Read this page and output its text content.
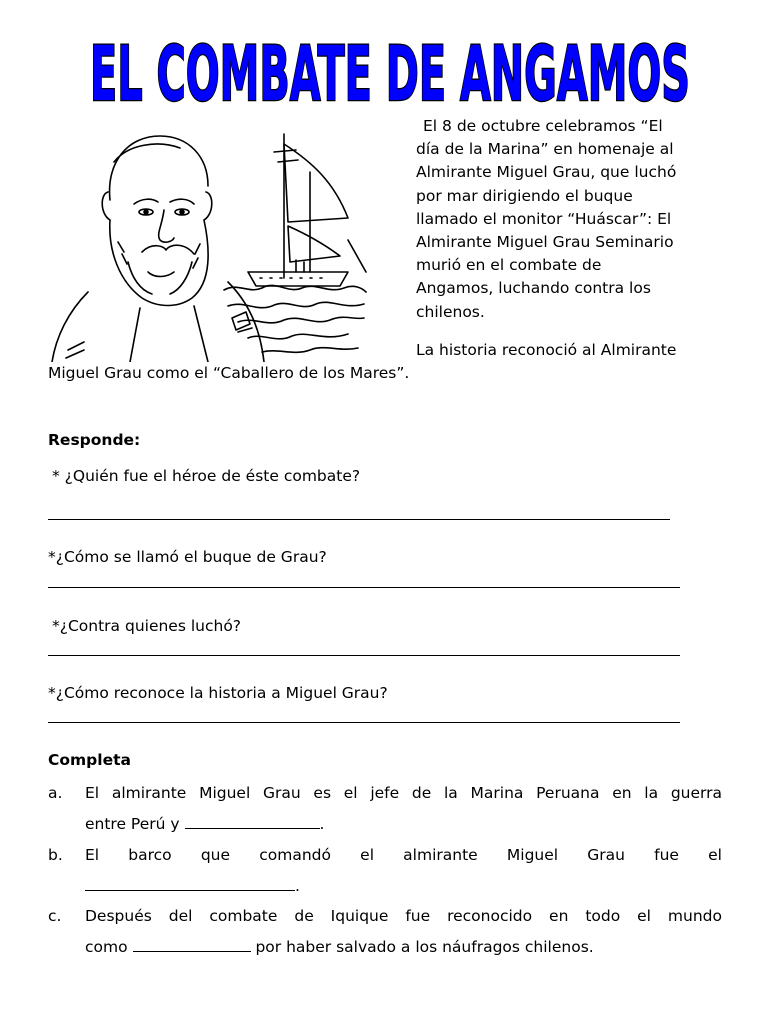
EL COMBATE DE ANGAMOS
El 8 de octubre celebramos “El
día de la Marina” en homenaje al
Almirante Miguel Grau, que luchó
por mar dirigiendo el buque
llamado el monitor “Huáscar”: El
Almirante Miguel Grau Seminario
murió en el combate de
Angamos, luchando contra los
chilenos.
La historia reconoció al Almirante
Miguel Grau como el “Caballero de los Mares”.
Responde:
* ¿Quién fue el héroe de éste combate?
*¿Cómo se llamó el buque de Grau?
*¿Contra quienes luchó?
*¿Cómo reconoce la historia a Miguel Grau?
Completa
a. El almirante Miguel Grau es el jefe de la Marina Peruana en la guerra
entre Perú y	.
b. El barco que comandó el almirante Miguel Grau fue el
.
c. Después del combate de Iquique fue reconocido en todo el mundo
como	por haber salvado a los náufragos chilenos.
